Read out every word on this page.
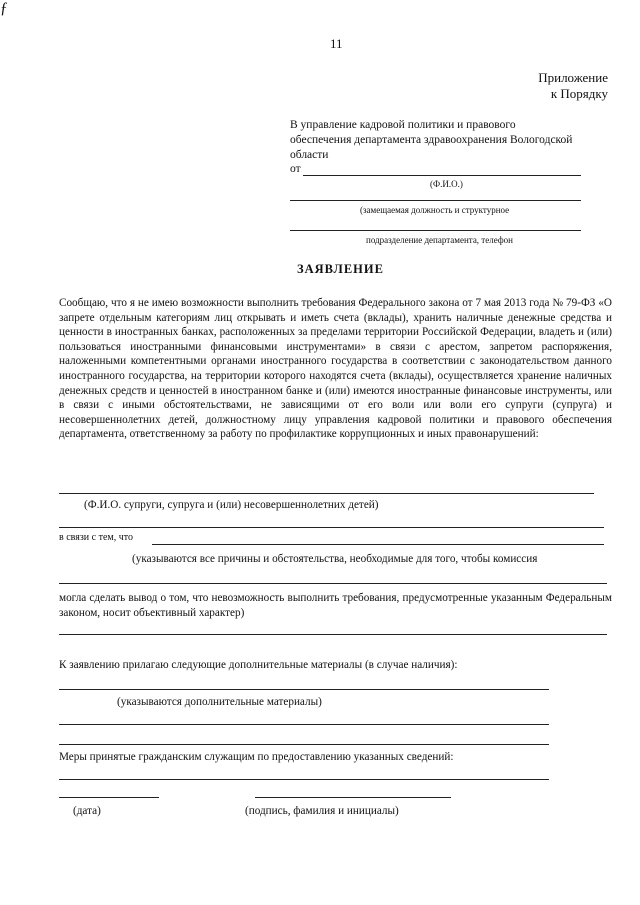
ƒ
11
Приложение
к Порядку
В управление кадровой политики и правового
обеспечения департамента здравоохранения Вологодской
области
от
(Ф.И.О.)
(замещаемая должность и структурное
подразделение департамента, телефон
ЗАЯВЛЕНИЕ
Сообщаю, что я не имею возможности выполнить требования Федерального закона от 7 мая 2013 года № 79-ФЗ «О запрете отдельным категориям лиц открывать и иметь счета (вклады), хранить наличные денежные средства и ценности в иностранных банках, расположенных за пределами территории Российской Федерации, владеть и (или) пользоваться иностранными финансовыми инструментами» в связи с арестом, запретом распоряжения, наложенными компетентными органами иностранного государства в соответствии с законодательством данного иностранного государства, на территории которого находятся счета (вклады), осуществляется хранение наличных денежных средств и ценностей в иностранном банке и (или) имеются иностранные финансовые инструменты, или в связи с иными обстоятельствами, не зависящими от его воли или воли его супруги (супруга) и несовершеннолетних детей, должностному лицу управления кадровой политики и правового обеспечения департамента, ответственному за работу по профилактике коррупционных и иных правонарушений:
(Ф.И.О. супруги, супруга и (или) несовершеннолетних детей)
в связи с тем, что
(указываются все причины и обстоятельства, необходимые для того, чтобы комиссия
могла сделать вывод о том, что невозможность выполнить требования, предусмотренные указанным Федеральным законом, носит объективный характер)
К заявлению прилагаю следующие дополнительные материалы (в случае наличия):
(указываются дополнительные материалы)
Меры принятые гражданским служащим по предоставлению указанных сведений:
(дата)	(подпись, фамилия и инициалы)
